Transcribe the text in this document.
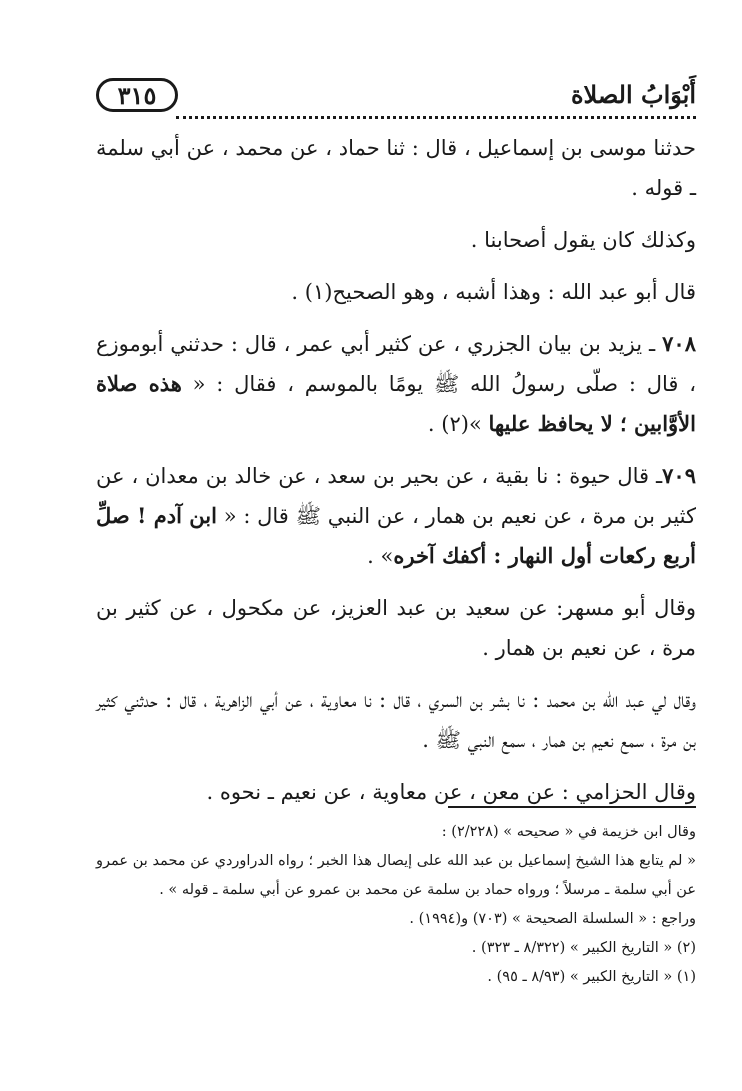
٣١٥	أَبْوَابُ الصلاة

حدثنا موسى بن إسماعيل ، قال : ثنا حماد ، عن محمد ، عن أبي سلمة ـ قوله .

وكذلك كان يقول أصحابنا .

قال أبو عبد الله : وهذا أشبه ، وهو الصحيح(١) .

٧٠٨ ـ يزيد بن بيان الجزري ، عن كثير أبي عمر ، قال : حدثني أبوموزع ، قال : صلّى رسولُ الله ﷺ يومًا بالموسم ، فقال : « هذه صلاة الأوَّابين ؛ لا يحافظ عليها »(٢) .

٧٠٩ـ قال حيوة : نا بقية ، عن بحير بن سعد ، عن خالد بن معدان ، عن كثير بن مرة ، عن نعيم بن همار ، عن النبي ﷺ قال : « ابن آدم ! صلِّ أربع ركعات أول النهار : أكفك آخره» .

وقال أبو مسهر: عن سعيد بن عبد العزيز، عن مكحول ، عن كثير بن مرة ، عن نعيم بن همار .

وقال لي عبد الله بن محمد : نا بشر بن السري ، قال : نا معاوية ، عن أبي الزاهرية ، قال : حدثني كثير بن مرة ، سمع نعيم بن همار ، سمع النبي ﷺ .

وقال الحزامي : عن معن ، عن معاوية ، عن نعيم ـ نحوه .

وقال ابن خزيمة في « صحيحه » (٢/٢٢٨) :

« لم يتابع هذا الشيخ إسماعيل بن عبد الله على إيصال هذا الخبر ؛ رواه الدراوردي عن محمد بن عمرو عن أبي سلمة ـ مرسلاً ؛ ورواه حماد بن سلمة عن محمد بن عمرو عن أبي سلمة ـ قوله » .

وراجع : « السلسلة الصحيحة » (٧٠٣) و(١٩٩٤) .

(٢) « التاريخ الكبير » (٨/٣٢٢ ـ ٣٢٣) .

(١) « التاريخ الكبير » (٨/٩٣ ـ ٩٥) .
